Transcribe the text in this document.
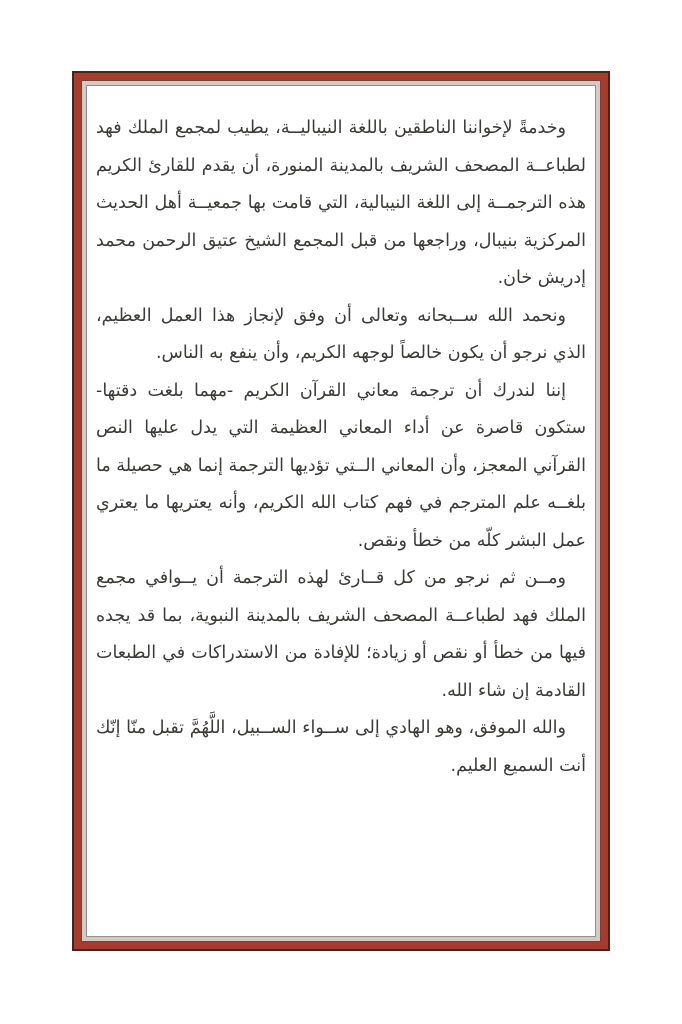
وخدمةً لإخواننا الناطقين باللغة النيباليــة، يطيب لمجمع الملك فهد لطباعــة المصحف الشريف بالمدينة المنورة، أن يقدم للقارئ الكريم هذه الترجمــة إلى اللغة النيبالية، التي قامت بها جمعيــة أهل الحديث المركزية بنيبال، وراجعها من قبل المجمع الشيخ عتيق الرحمن محمد إدريش خان.

ونحمد الله ســبحانه وتعالى أن وفق لإنجاز هذا العمل العظيم، الذي نرجو أن يكون خالصاً لوجهه الكريم، وأن ينفع به الناس.

إننا لندرك أن ترجمة معاني القرآن الكريم -مهما بلغت دقتها- ستكون قاصرة عن أداء المعاني العظيمة التي يدل عليها النص القرآني المعجز، وأن المعاني الــتي تؤديها الترجمة إنما هي حصيلة ما بلغــه علم المترجم في فهم كتاب الله الكريم، وأنه يعتريها ما يعتري عمل البشر كلّه من خطأ ونقص.

ومــن ثم نرجو من كل قــارئ لهذه الترجمة أن يــوافي مجمع الملك فهد لطباعــة المصحف الشريف بالمدينة النبوية، بما قد يجده فيها من خطأ أو نقص أو زيادة؛ للإفادة من الاستدراكات في الطبعات القادمة إن شاء الله.

والله الموفق، وهو الهادي إلى ســواء الســبيل، اللَّهُمَّ تقبل منّا إنّك أنت السميع العليم.
